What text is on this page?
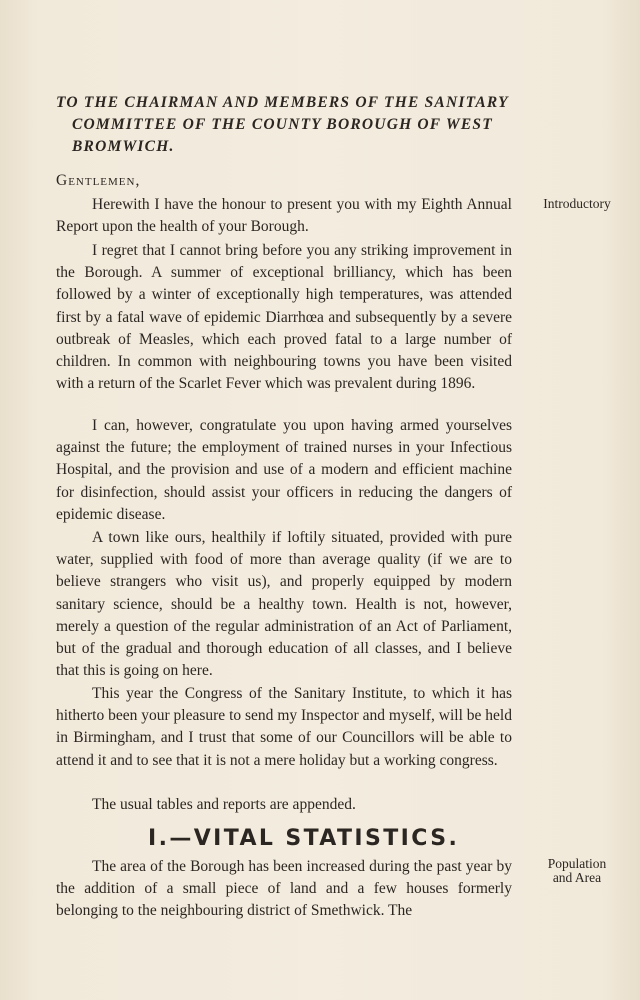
TO THE CHAIRMAN AND MEMBERS OF THE SANITARY
COMMITTEE OF THE COUNTY BOROUGH OF WEST
BROMWICH.
Gentlemen,

Herewith I have the honour to present you with my Eighth Annual Report upon the health of your Borough.

I regret that I cannot bring before you any striking improvement in the Borough. A summer of exceptional brilliancy, which has been followed by a winter of exceptionally high temperatures, was attended first by a fatal wave of epidemic Diarrhœa and subsequently by a severe outbreak of Measles, which each proved fatal to a large number of children. In common with neighbouring towns you have been visited with a return of the Scarlet Fever which was prevalent during 1896.

I can, however, congratulate you upon having armed yourselves against the future; the employment of trained nurses in your Infectious Hospital, and the provision and use of a modern and efficient machine for disinfection, should assist your officers in reducing the dangers of epidemic disease.

A town like ours, healthily if loftily situated, provided with pure water, supplied with food of more than average quality (if we are to believe strangers who visit us), and properly equipped by modern sanitary science, should be a healthy town. Health is not, however, merely a question of the regular administration of an Act of Parliament, but of the gradual and thorough education of all classes, and I believe that this is going on here.

This year the Congress of the Sanitary Institute, to which it has hitherto been your pleasure to send my Inspector and myself, will be held in Birmingham, and I trust that some of our Councillors will be able to attend it and to see that it is not a mere holiday but a working congress.

The usual tables and reports are appended.

I.—VITAL STATISTICS.

The area of the Borough has been increased during the past year by the addition of a small piece of land and a few houses formerly belonging to the neighbouring district of Smethwick. The

Introductory
Population
and Area
